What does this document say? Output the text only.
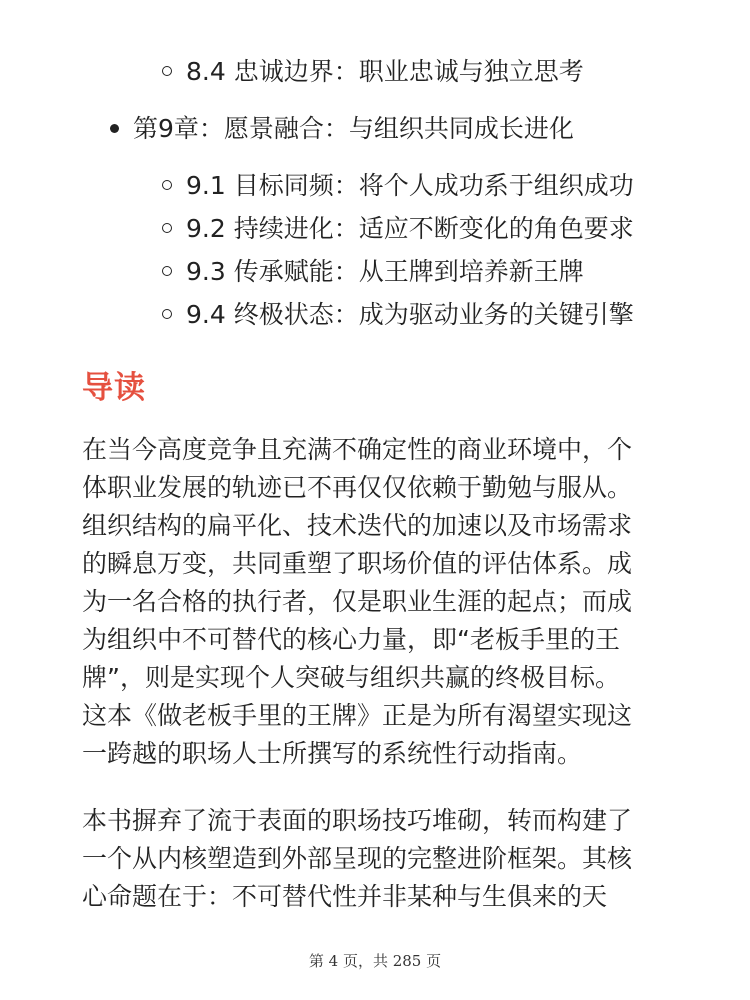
8.4 忠诚边界：职业忠诚与独立思考
第9章：愿景融合：与组织共同成长进化
9.1 目标同频：将个人成功系于组织成功
9.2 持续进化：适应不断变化的角色要求
9.3 传承赋能：从王牌到培养新王牌
9.4 终极状态：成为驱动业务的关键引擎
导读
在当今高度竞争且充满不确定性的商业环境中，个
体职业发展的轨迹已不再仅仅依赖于勤勉与服从。
组织结构的扁平化、技术迭代的加速以及市场需求
的瞬息万变，共同重塑了职场价值的评估体系。成
为一名合格的执行者，仅是职业生涯的起点；而成
为组织中不可替代的核心力量，即“老板手里的王
牌”，则是实现个人突破与组织共赢的终极目标。
这本《做老板手里的王牌》正是为所有渴望实现这
一跨越的职场人士所撰写的系统性行动指南。
本书摒弃了流于表面的职场技巧堆砌，转而构建了
一个从内核塑造到外部呈现的完整进阶框架。其核
心命题在于：不可替代性并非某种与生俱来的天
第 4 页，共 285 页
